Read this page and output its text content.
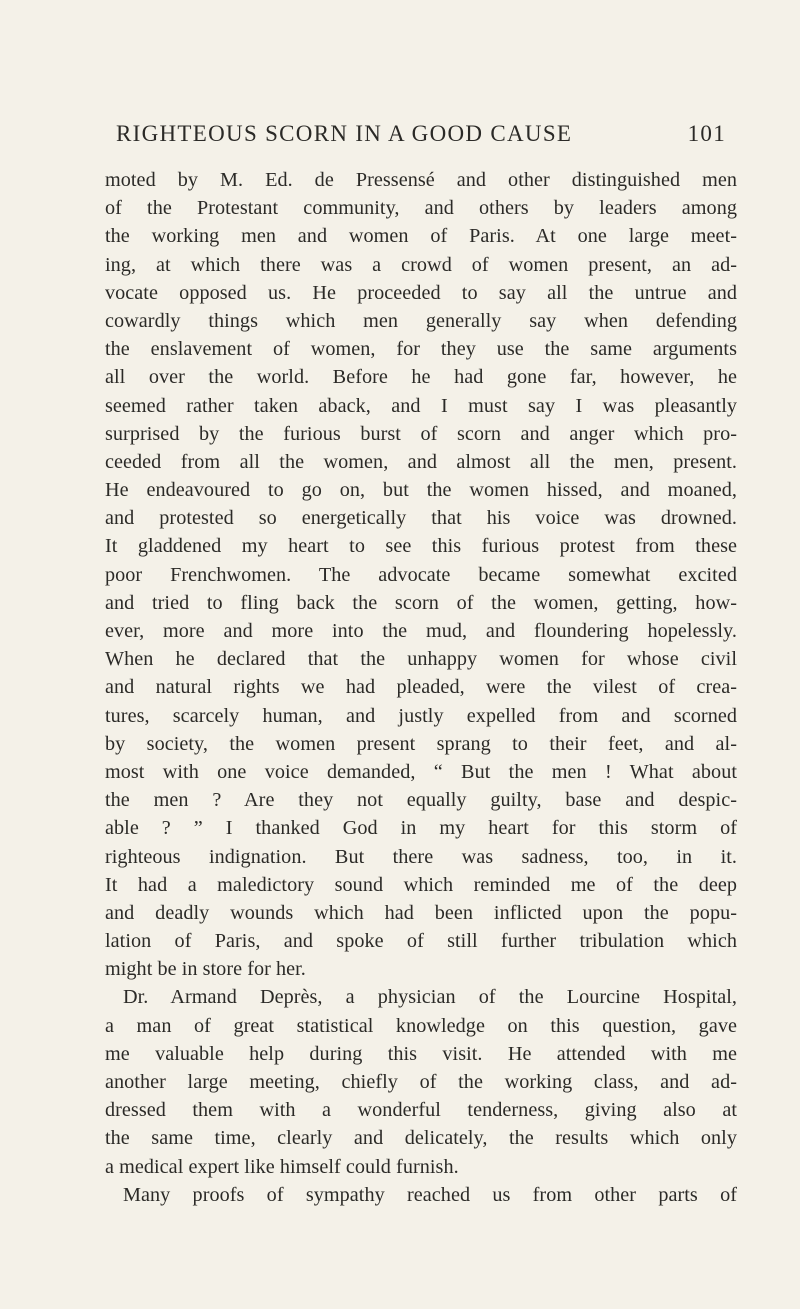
RIGHTEOUS SCORN IN A GOOD CAUSE	101
moted by M. Ed. de Pressensé and other distinguished men
of the Protestant community, and others by leaders among
the working men and women of Paris. At one large meet-
ing, at which there was a crowd of women present, an ad-
vocate opposed us. He proceeded to say all the untrue and
cowardly things which men generally say when defending
the enslavement of women, for they use the same arguments
all over the world. Before he had gone far, however, he
seemed rather taken aback, and I must say I was pleasantly
surprised by the furious burst of scorn and anger which pro-
ceeded from all the women, and almost all the men, present.
He endeavoured to go on, but the women hissed, and moaned,
and protested so energetically that his voice was drowned.
It gladdened my heart to see this furious protest from these
poor Frenchwomen. The advocate became somewhat excited
and tried to fling back the scorn of the women, getting, how-
ever, more and more into the mud, and floundering hopelessly.
When he declared that the unhappy women for whose civil
and natural rights we had pleaded, were the vilest of crea-
tures, scarcely human, and justly expelled from and scorned
by society, the women present sprang to their feet, and al-
most with one voice demanded, “ But the men ! What about
the men ? Are they not equally guilty, base and despic-
able ? ” I thanked God in my heart for this storm of
righteous indignation. But there was sadness, too, in it.
It had a maledictory sound which reminded me of the deep
and deadly wounds which had been inflicted upon the popu-
lation of Paris, and spoke of still further tribulation which
might be in store for her.
Dr. Armand Deprès, a physician of the Lourcine Hospital,
a man of great statistical knowledge on this question, gave
me valuable help during this visit. He attended with me
another large meeting, chiefly of the working class, and ad-
dressed them with a wonderful tenderness, giving also at
the same time, clearly and delicately, the results which only
a medical expert like himself could furnish.
Many proofs of sympathy reached us from other parts of
